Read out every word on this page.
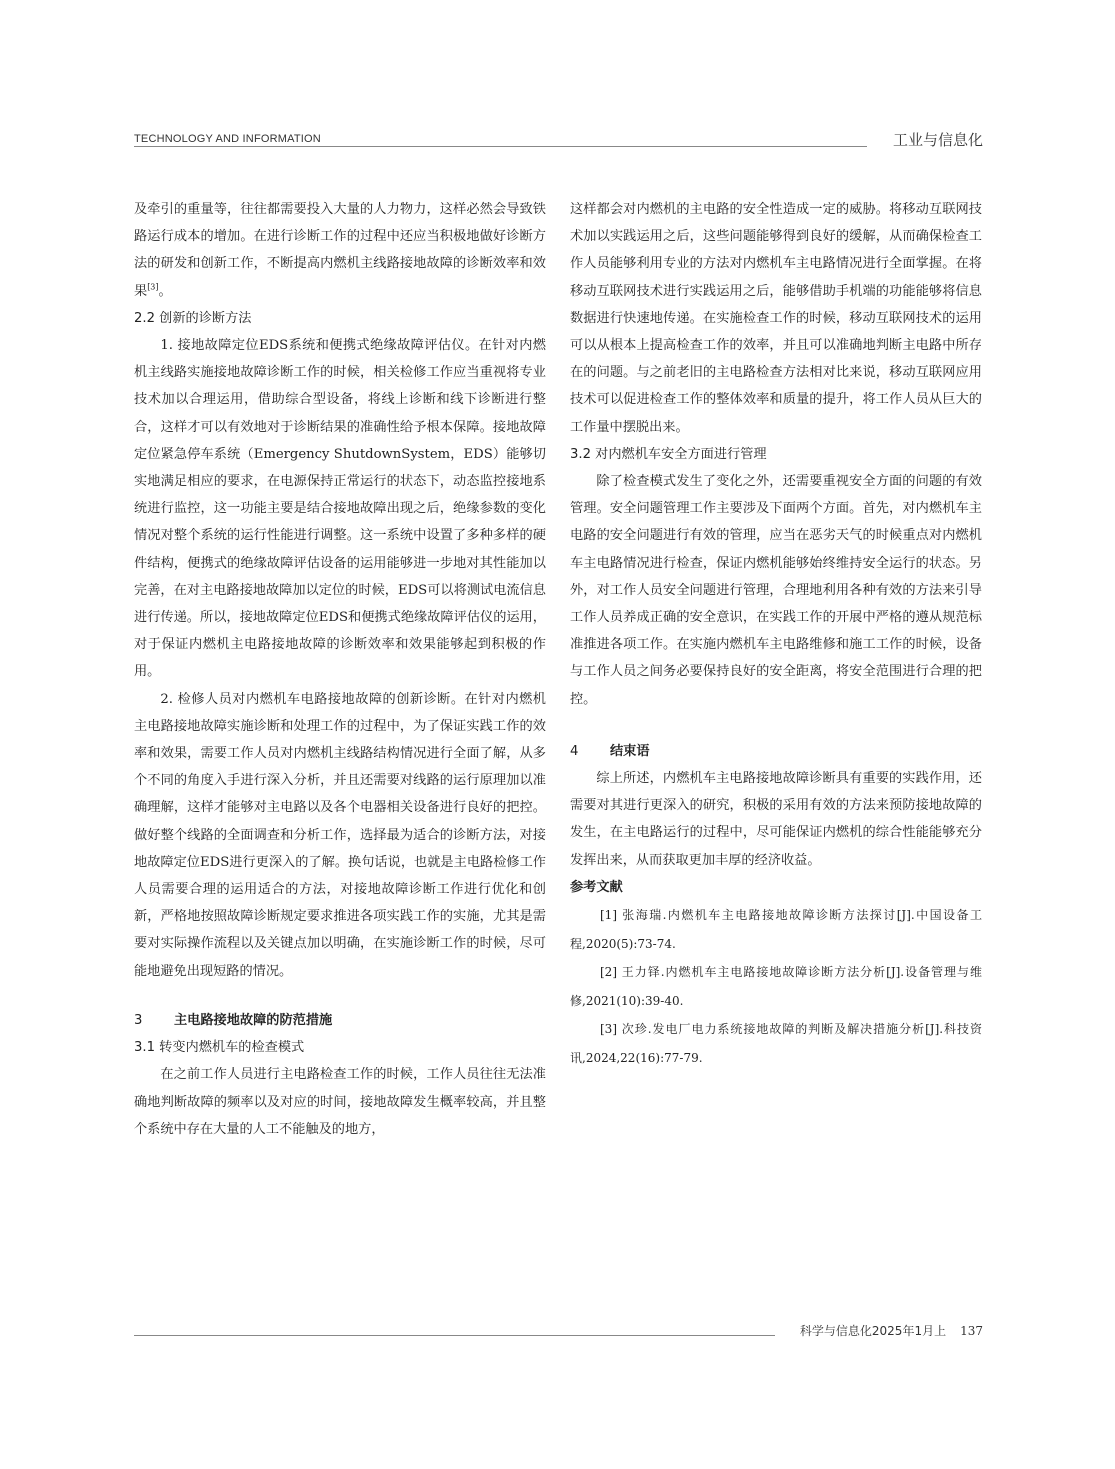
TECHNOLOGY AND INFORMATION	工业与信息化

及牵引的重量等，往往都需要投入大量的人力物力，这样必然会导致铁路运行成本的增加。在进行诊断工作的过程中还应当积极地做好诊断方法的研发和创新工作，不断提高内燃机主线路接地故障的诊断效率和效果[3]。

2.2 创新的诊断方法

1. 接地故障定位EDS系统和便携式绝缘故障评估仪。在针对内燃机主线路实施接地故障诊断工作的时候，相关检修工作应当重视将专业技术加以合理运用，借助综合型设备，将线上诊断和线下诊断进行整合，这样才可以有效地对于诊断结果的准确性给予根本保障。接地故障定位紧急停车系统（Emergency ShutdownSystem，EDS）能够切实地满足相应的要求，在电源保持正常运行的状态下，动态监控接地系统进行监控，这一功能主要是结合接地故障出现之后，绝缘参数的变化情况对整个系统的运行性能进行调整。这一系统中设置了多种多样的硬件结构，便携式的绝缘故障评估设备的运用能够进一步地对其性能加以完善，在对主电路接地故障加以定位的时候，EDS可以将测试电流信息进行传递。所以，接地故障定位EDS和便携式绝缘故障评估仪的运用，对于保证内燃机主电路接地故障的诊断效率和效果能够起到积极的作用。

2. 检修人员对内燃机车电路接地故障的创新诊断。在针对内燃机主电路接地故障实施诊断和处理工作的过程中，为了保证实践工作的效率和效果，需要工作人员对内燃机主线路结构情况进行全面了解，从多个不同的角度入手进行深入分析，并且还需要对线路的运行原理加以准确理解，这样才能够对主电路以及各个电器相关设备进行良好的把控。做好整个线路的全面调查和分析工作，选择最为适合的诊断方法，对接地故障定位EDS进行更深入的了解。换句话说，也就是主电路检修工作人员需要合理的运用适合的方法，对接地故障诊断工作进行优化和创新，严格地按照故障诊断规定要求推进各项实践工作的实施，尤其是需要对实际操作流程以及关键点加以明确，在实施诊断工作的时候，尽可能地避免出现短路的情况。

3 主电路接地故障的防范措施

3.1 转变内燃机车的检查模式

在之前工作人员进行主电路检查工作的时候，工作人员往往无法准确地判断故障的频率以及对应的时间，接地故障发生概率较高，并且整个系统中存在大量的人工不能触及的地方，

这样都会对内燃机的主电路的安全性造成一定的威胁。将移动互联网技术加以实践运用之后，这些问题能够得到良好的缓解，从而确保检查工作人员能够利用专业的方法对内燃机车主电路情况进行全面掌握。在将移动互联网技术进行实践运用之后，能够借助手机端的功能能够将信息数据进行快速地传递。在实施检查工作的时候，移动互联网技术的运用可以从根本上提高检查工作的效率，并且可以准确地判断主电路中所存在的问题。与之前老旧的主电路检查方法相对比来说，移动互联网应用技术可以促进检查工作的整体效率和质量的提升，将工作人员从巨大的工作量中摆脱出来。

3.2 对内燃机车安全方面进行管理

除了检查模式发生了变化之外，还需要重视安全方面的问题的有效管理。安全问题管理工作主要涉及下面两个方面。首先，对内燃机车主电路的安全问题进行有效的管理，应当在恶劣天气的时候重点对内燃机车主电路情况进行检查，保证内燃机能够始终维持安全运行的状态。另外，对工作人员安全问题进行管理，合理地利用各种有效的方法来引导工作人员养成正确的安全意识，在实践工作的开展中严格的遵从规范标准推进各项工作。在实施内燃机车主电路维修和施工工作的时候，设备与工作人员之间务必要保持良好的安全距离，将安全范围进行合理的把控。

4 结束语

综上所述，内燃机车主电路接地故障诊断具有重要的实践作用，还需要对其进行更深入的研究，积极的采用有效的方法来预防接地故障的发生，在主电路运行的过程中，尽可能保证内燃机的综合性能能够充分发挥出来，从而获取更加丰厚的经济收益。

参考文献

[1] 张海瑞.内燃机车主电路接地故障诊断方法探讨[J].中国设备工程,2020(5):73-74.

[2] 王力铎.内燃机车主电路接地故障诊断方法分析[J].设备管理与维修,2021(10):39-40.

[3] 次珍.发电厂电力系统接地故障的判断及解决措施分析[J].科技资讯,2024,22(16):77-79.

科学与信息化2025年1月上 137
